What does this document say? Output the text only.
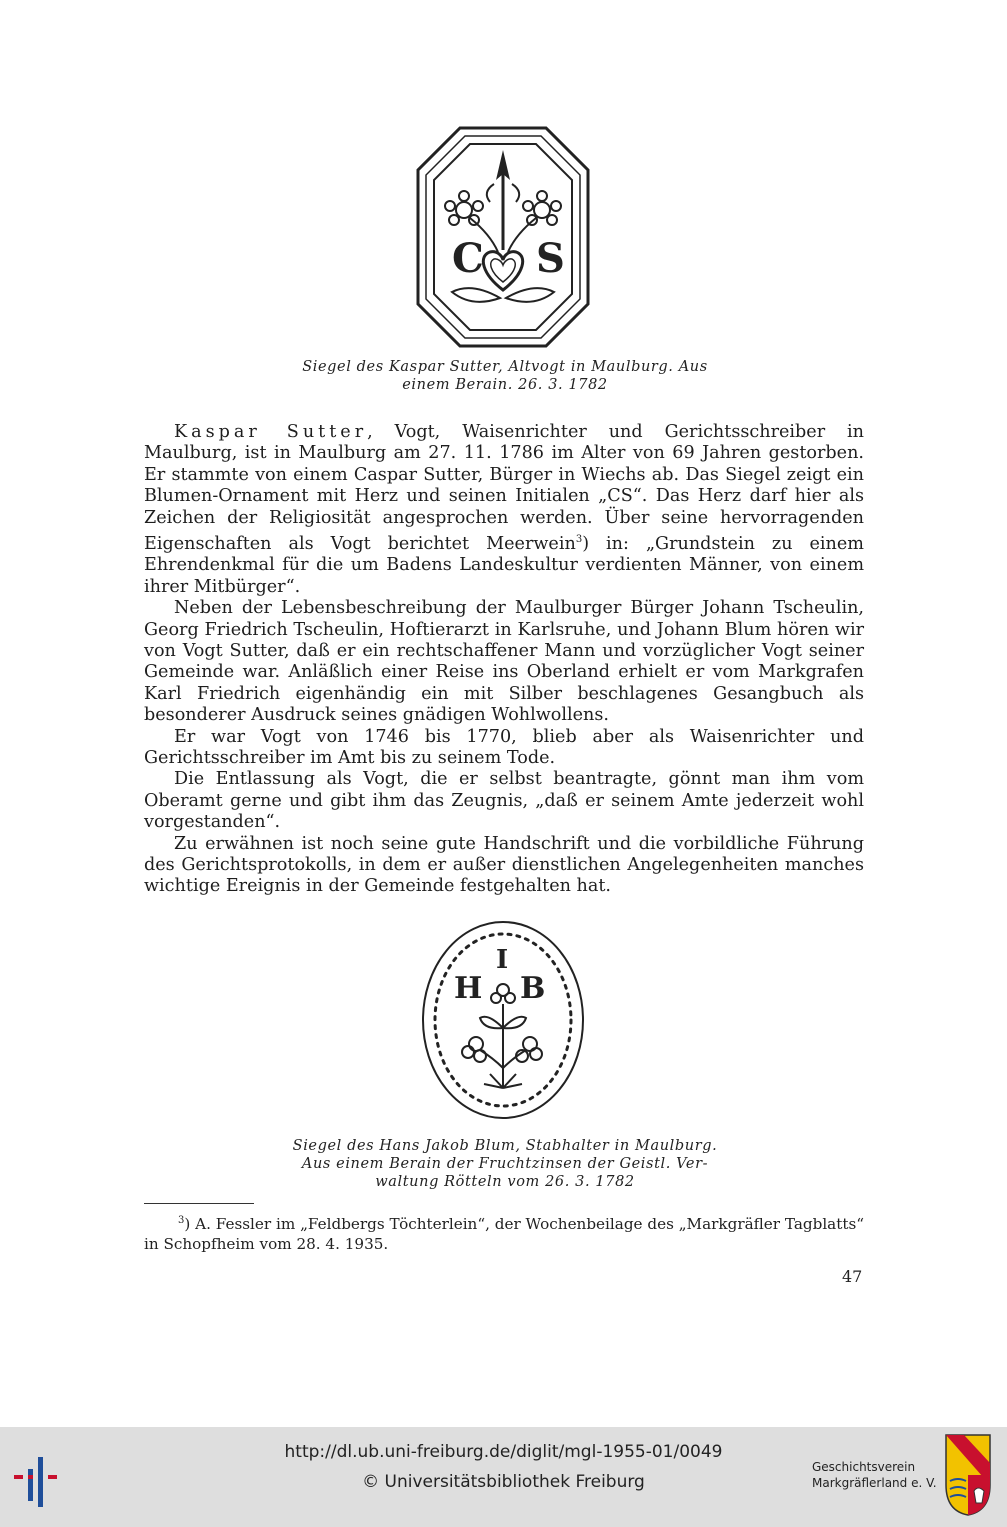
C S
Siegel des Kaspar Sutter, Altvogt in Maulburg. Aus
einem Berain. 26. 3. 1782

Kaspar Sutter, Vogt, Waisenrichter und Gerichtsschreiber in Maulburg, ist in Maulburg am 27. 11. 1786 im Alter von 69 Jahren gestorben. Er stammte von einem Caspar Sutter, Bürger in Wiechs ab. Das Siegel zeigt ein Blumen-Ornament mit Herz und seinen Initialen „CS“. Das Herz darf hier als Zeichen der Religiosität angesprochen werden. Über seine hervorragenden Eigenschaften als Vogt berichtet Meerwein$^3$) in: „Grundstein zu einem Ehrendenkmal für die um Badens Landeskultur verdienten Männer, von einem ihrer Mitbürger“.

Neben der Lebensbeschreibung der Maulburger Bürger Johann Tscheulin, Georg Friedrich Tscheulin, Hoftierarzt in Karlsruhe, und Johann Blum hören wir von Vogt Sutter, daß er ein rechtschaffener Mann und vorzüglicher Vogt seiner Gemeinde war. Anläßlich einer Reise ins Oberland erhielt er vom Markgrafen Karl Friedrich eigenhändig ein mit Silber beschlagenes Gesangbuch als besonderer Ausdruck seines gnädigen Wohlwollens.

Er war Vogt von 1746 bis 1770, blieb aber als Waisenrichter und Gerichtsschreiber im Amt bis zu seinem Tode.

Die Entlassung als Vogt, die er selbst beantragte, gönnt man ihm vom Oberamt gerne und gibt ihm das Zeugnis, „daß er seinem Amte jederzeit wohl vorgestanden“.

Zu erwähnen ist noch seine gute Handschrift und die vorbildliche Führung des Gerichtsprotokolls, in dem er außer dienstlichen Angelegenheiten manches wichtige Ereignis in der Gemeinde festgehalten hat.

I
H B
Siegel des Hans Jakob Blum, Stabhalter in Maulburg.
Aus einem Berain der Fruchtzinsen der Geistl. Ver-
waltung Rötteln vom 26. 3. 1782
$^3$) A. Fessler im „Feldbergs Töchterlein“, der Wochenbeilage des „Markgräfler Tagblatts“ in Schopfheim vom 28. 4. 1935.
47
http://dl.ub.uni-freiburg.de/diglit/mgl-1955-01/0049
© Universitätsbibliothek Freiburg
Geschichtsverein
Markgräflerland e. V.
